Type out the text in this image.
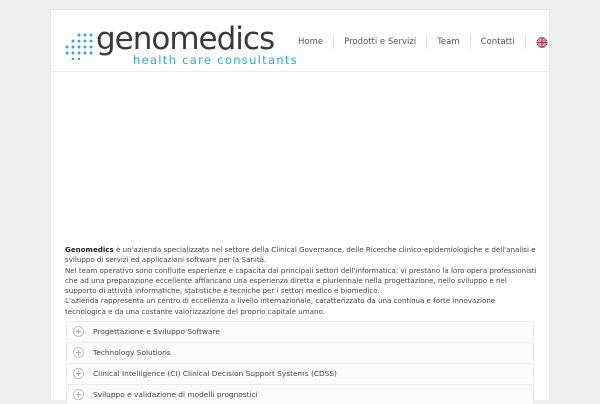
genomedics
health care consultants
Home	Prodotti e Servizi	Team	Contatti

Genomedics è un'azienda specializzata nel settore della Clinical Governance, delle Ricerche clinico-epidemiologiche e dell'analisi e sviluppo di servizi ed applicazioni software per la Sanità.

Nel team operativo sono confluite esperienze e capacità dai principali settori dell'informatica: vi prestano la loro opera professionisti che ad una preparazione eccellente affiancano una esperienza diretta e pluriennale nella progettazione, nello sviluppo e nel supporto di attività informatiche, statistiche e tecniche per i settori medico e biomedico.

L'azienda rappresenta un centro di eccellenza a livello internazionale, caratterizzato da una continua e forte innovazione tecnologica e da una costante valorizzazione del proprio capitale umano.

Progettazione e Sviluppo Software
Technology Solutions
Clinical Intelligence (CI) Clinical Decision Support Systems (CDSS)
Sviluppo e validazione di modelli prognostici
